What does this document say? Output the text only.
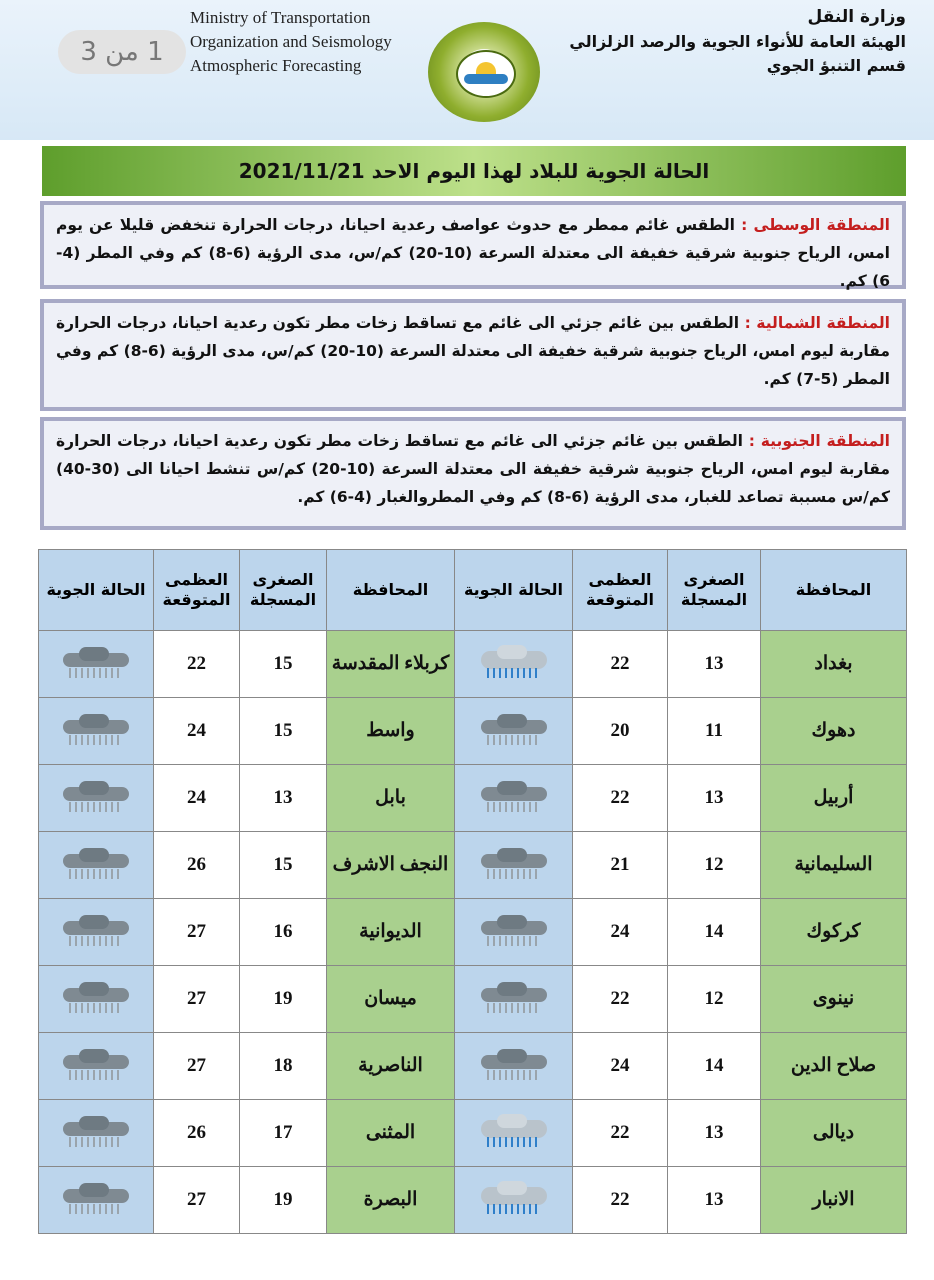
Ministry of Transportation
Organization and Seismology
Atmospheric Forecasting
1 من 3
وزارة النقل
الهيئة العامة للأنواء الجوية والرصد الزلزالي
قسم التنبؤ الجوي
الحالة الجوية للبلاد لهذا اليوم الاحد 2021/11/21
المنطقة الوسطى : الطقس غائم ممطر مع حدوث عواصف رعدية احيانا، درجات الحرارة تنخفض قليلا عن يوم امس، الرياح جنوبية شرقية خفيفة الى معتدلة السرعة (10-20) كم/س، مدى الرؤية (6-8) كم وفي المطر (4-6) كم.
المنطقة الشمالية : الطقس بين غائم جزئي الى غائم مع تساقط زخات مطر تكون رعدية احيانا، درجات الحرارة مقاربة ليوم امس، الرياح جنوبية شرقية خفيفة الى معتدلة السرعة (10-20) كم/س، مدى الرؤية (6-8) كم وفي المطر (5-7) كم.
المنطقة الجنوبية : الطقس بين غائم جزئي الى غائم مع تساقط زخات مطر تكون رعدية احيانا، درجات الحرارة مقاربة ليوم امس، الرياح جنوبية شرقية خفيفة الى معتدلة السرعة (10-20) كم/س تنشط احيانا الى (30-40) كم/س مسببة تصاعد للغبار، مدى الرؤية (6-8) كم وفي المطروالغبار (4-6) كم.
المحافظة	الصغرى المسجلة	العظمى المتوقعة	الحالة الجوية	المحافظة	الصغرى المسجلة	العظمى المتوقعة	الحالة الجوية
بغداد	13	22		كربلاء المقدسة	15	22	

دهوك	11	20		واسط	15	24	

أربيل	13	22		بابل	13	24	

السليمانية	12	21		النجف الاشرف	15	26	

كركوك	14	24		الديوانية	16	27	

نينوى	12	22		ميسان	19	27	

صلاح الدين	14	24		الناصرية	18	27	

ديالى	13	22		المثنى	17	26	

الانبار	13	22		البصرة	19	27	
